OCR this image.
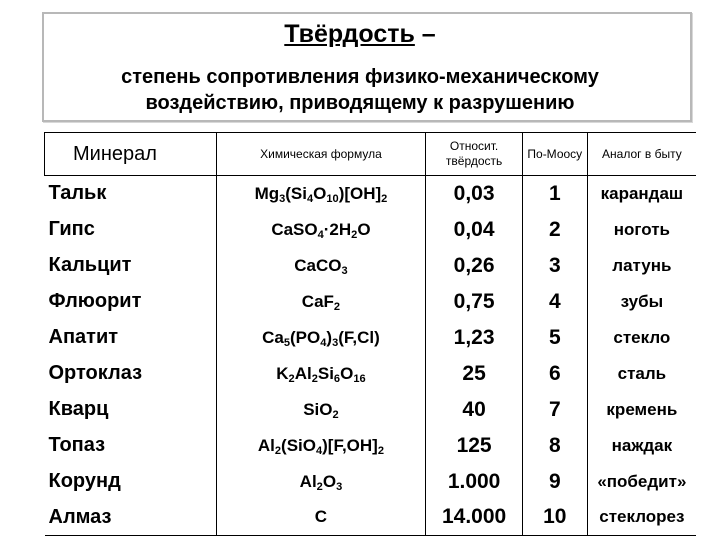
Твёрдость –
степень сопротивления физико-механическому
воздействию, приводящему к разрушению
Минерал	Химическая формула	Относит. твёрдость	По-Моосу	Аналог в быту
Тальк	$Mg_3(Si_4O_{10})[OH]_2$	0,03	1	карандаш
Гипс	$CaSO_4\cdot 2H_2O$	0,04	2	ноготь
Кальцит	CaCO$_3$	0,26	3	латунь
Флюорит	CaF$_2$	0,75	4	зубы
Апатит	$Ca_5(PO_4)_3(F,Cl)$	1,23	5	стекло
Ортоклаз	$K_2Al_2Si_6O_{16}$	25	6	сталь
Кварц	SiO$_2$	40	7	кремень
Топаз	$Al_2(SiO_4)[F,OH]_2$	125	8	наждак
Корунд	$Al_2O_3$	1.000	9	«победит»
Алмаз	C	14.000	10	стеклорез
